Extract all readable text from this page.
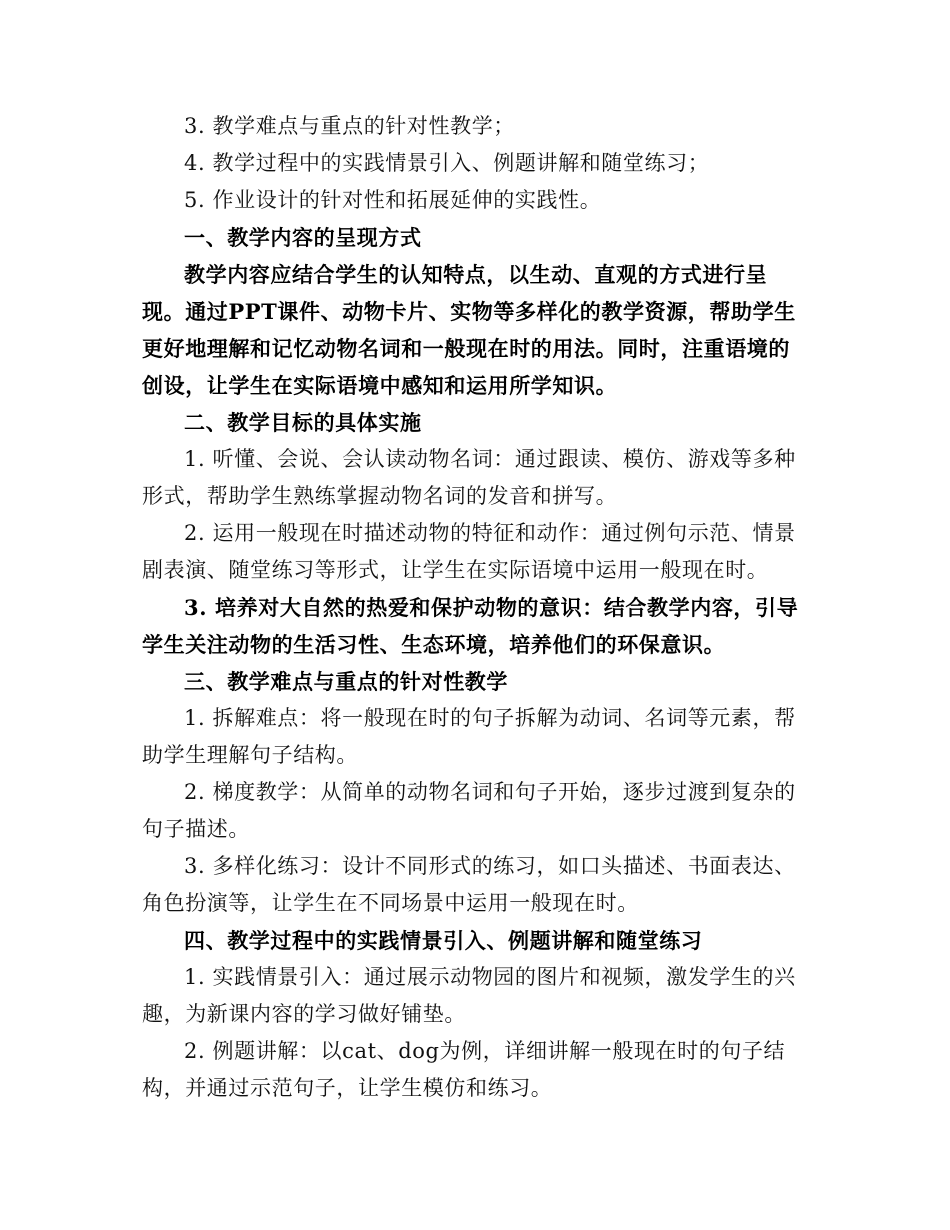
3. 教学难点与重点的针对性教学；

4. 教学过程中的实践情景引入、例题讲解和随堂练习；

5. 作业设计的针对性和拓展延伸的实践性。

一、教学内容的呈现方式

教学内容应结合学生的认知特点，以生动、直观的方式进行呈现。通过PPT课件、动物卡片、实物等多样化的教学资源，帮助学生更好地理解和记忆动物名词和一般现在时的用法。同时，注重语境的创设，让学生在实际语境中感知和运用所学知识。

二、教学目标的具体实施

1. 听懂、会说、会认读动物名词：通过跟读、模仿、游戏等多种形式，帮助学生熟练掌握动物名词的发音和拼写。

2. 运用一般现在时描述动物的特征和动作：通过例句示范、情景剧表演、随堂练习等形式，让学生在实际语境中运用一般现在时。

3. 培养对大自然的热爱和保护动物的意识：结合教学内容，引导学生关注动物的生活习性、生态环境，培养他们的环保意识。

三、教学难点与重点的针对性教学

1. 拆解难点：将一般现在时的句子拆解为动词、名词等元素，帮助学生理解句子结构。

2. 梯度教学：从简单的动物名词和句子开始，逐步过渡到复杂的句子描述。

3. 多样化练习：设计不同形式的练习，如口头描述、书面表达、角色扮演等，让学生在不同场景中运用一般现在时。

四、教学过程中的实践情景引入、例题讲解和随堂练习

1. 实践情景引入：通过展示动物园的图片和视频，激发学生的兴趣，为新课内容的学习做好铺垫。

2. 例题讲解：以cat、dog为例，详细讲解一般现在时的句子结构，并通过示范句子，让学生模仿和练习。
